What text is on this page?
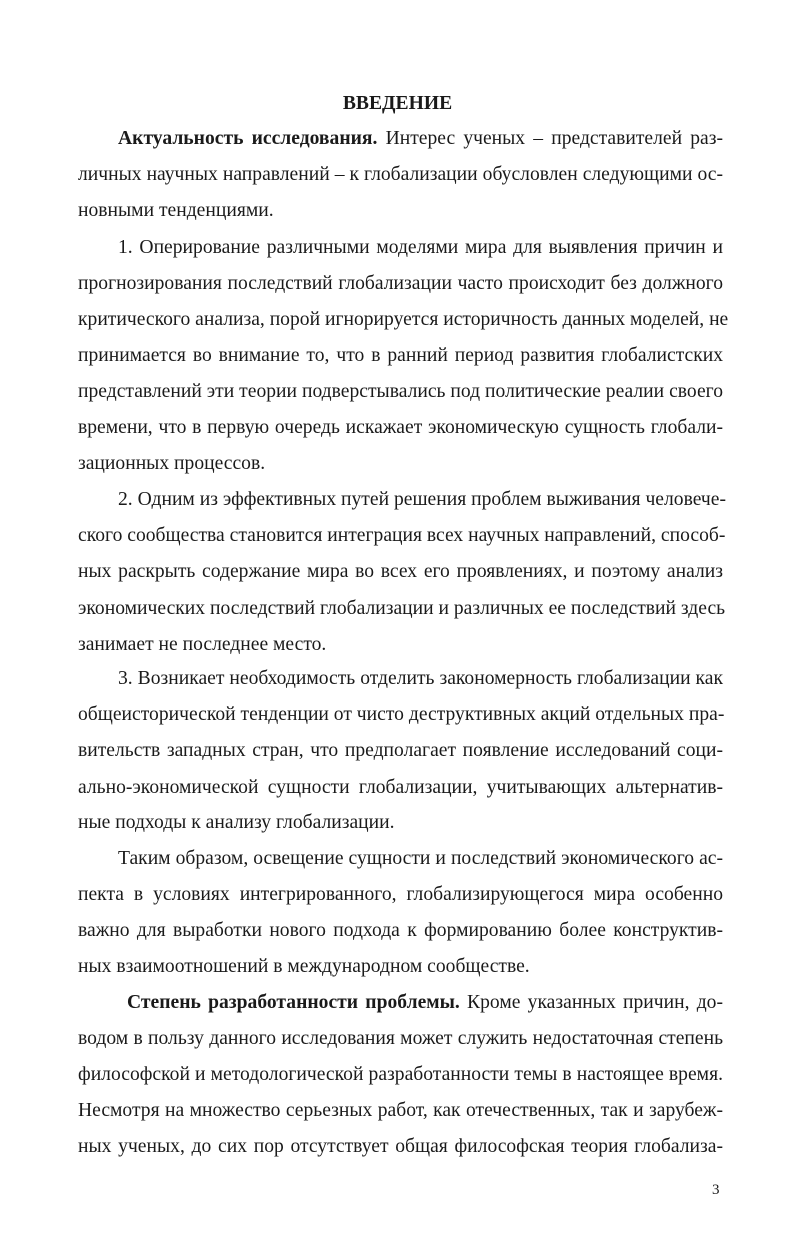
ВВЕДЕНИЕ
Актуальность исследования. Интерес ученых – представителей раз-
личных научных направлений – к глобализации обусловлен следующими ос-
новными тенденциями.
1. Оперирование различными моделями мира для выявления причин и
прогнозирования последствий глобализации часто происходит без должного
критического анализа, порой игнорируется историчность данных моделей, не
принимается во внимание то, что в ранний период развития глобалистских
представлений эти теории подверстывались под политические реалии своего
времени, что в первую очередь искажает экономическую сущность глобали-
зационных процессов.
2. Одним из эффективных путей решения проблем выживания человече-
ского сообщества становится интеграция всех научных направлений, способ-
ных раскрыть содержание мира во всех его проявлениях, и поэтому анализ
экономических последствий глобализации и различных ее последствий здесь
занимает не последнее место.
3. Возникает необходимость отделить закономерность глобализации как
общеисторической тенденции от чисто деструктивных акций отдельных пра-
вительств западных стран, что предполагает появление исследований соци-
ально-экономической сущности глобализации, учитывающих альтернатив-
ные подходы к анализу глобализации.
Таким образом, освещение сущности и последствий экономического ас-
пекта в условиях интегрированного, глобализирующегося мира особенно
важно для выработки нового подхода к формированию более конструктив-
ных взаимоотношений в международном сообществе.
Степень разработанности проблемы. Кроме указанных причин, до-
водом в пользу данного исследования может служить недостаточная степень
философской и методологической разработанности темы в настоящее время.
Несмотря на множество серьезных работ, как отечественных, так и зарубеж-
ных ученых, до сих пор отсутствует общая философская теория глобализа-
3
